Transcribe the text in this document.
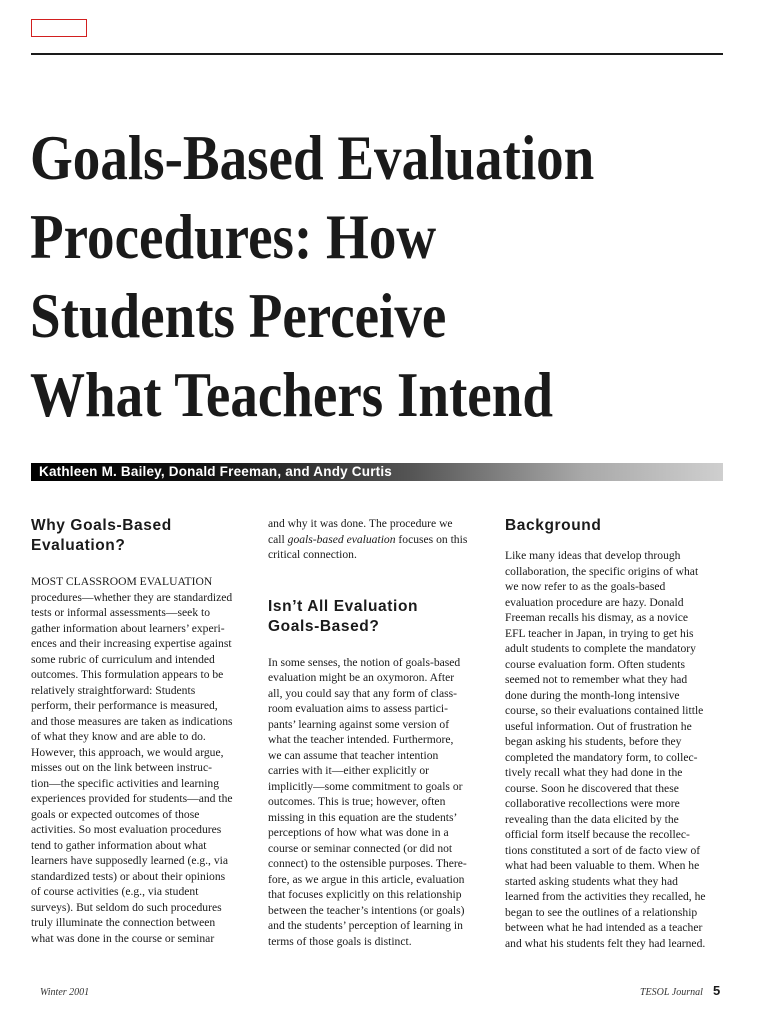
Goals-Based Evaluation
Procedures: How
Students Perceive
What Teachers Intend
Kathleen M. Bailey, Donald Freeman, and Andy Curtis
Why Goals-Based
Evaluation?

MOST CLASSROOM EVALUATION
procedures—whether they are standardized
tests or informal assessments—seek to
gather information about learners’ experi-
ences and their increasing expertise against
some rubric of curriculum and intended
outcomes. This formulation appears to be
relatively straightforward: Students
perform, their performance is measured,
and those measures are taken as indications
of what they know and are able to do.
However, this approach, we would argue,
misses out on the link between instruc-
tion—the specific activities and learning
experiences provided for students—and the
goals or expected outcomes of those
activities. So most evaluation procedures
tend to gather information about what
learners have supposedly learned (e.g., via
standardized tests) or about their opinions
of course activities (e.g., via student
surveys). But seldom do such procedures
truly illuminate the connection between
what was done in the course or seminar

and why it was done. The procedure we
call goals-based evaluation focuses on this
critical connection.

Isn’t All Evaluation
Goals-Based?

In some senses, the notion of goals-based
evaluation might be an oxymoron. After
all, you could say that any form of class-
room evaluation aims to assess partici-
pants’ learning against some version of
what the teacher intended. Furthermore,
we can assume that teacher intention
carries with it—either explicitly or
implicitly—some commitment to goals or
outcomes. This is true; however, often
missing in this equation are the students’
perceptions of how what was done in a
course or seminar connected (or did not
connect) to the ostensible purposes. There-
fore, as we argue in this article, evaluation
that focuses explicitly on this relationship
between the teacher’s intentions (or goals)
and the students’ perception of learning in
terms of those goals is distinct.

Background

Like many ideas that develop through
collaboration, the specific origins of what
we now refer to as the goals-based
evaluation procedure are hazy. Donald
Freeman recalls his dismay, as a novice
EFL teacher in Japan, in trying to get his
adult students to complete the mandatory
course evaluation form. Often students
seemed not to remember what they had
done during the month-long intensive
course, so their evaluations contained little
useful information. Out of frustration he
began asking his students, before they
completed the mandatory form, to collec-
tively recall what they had done in the
course. Soon he discovered that these
collaborative recollections were more
revealing than the data elicited by the
official form itself because the recollec-
tions constituted a sort of de facto view of
what had been valuable to them. When he
started asking students what they had
learned from the activities they recalled, he
began to see the outlines of a relationship
between what he had intended as a teacher
and what his students felt they had learned.

Winter 2001	TESOL Journal 5
